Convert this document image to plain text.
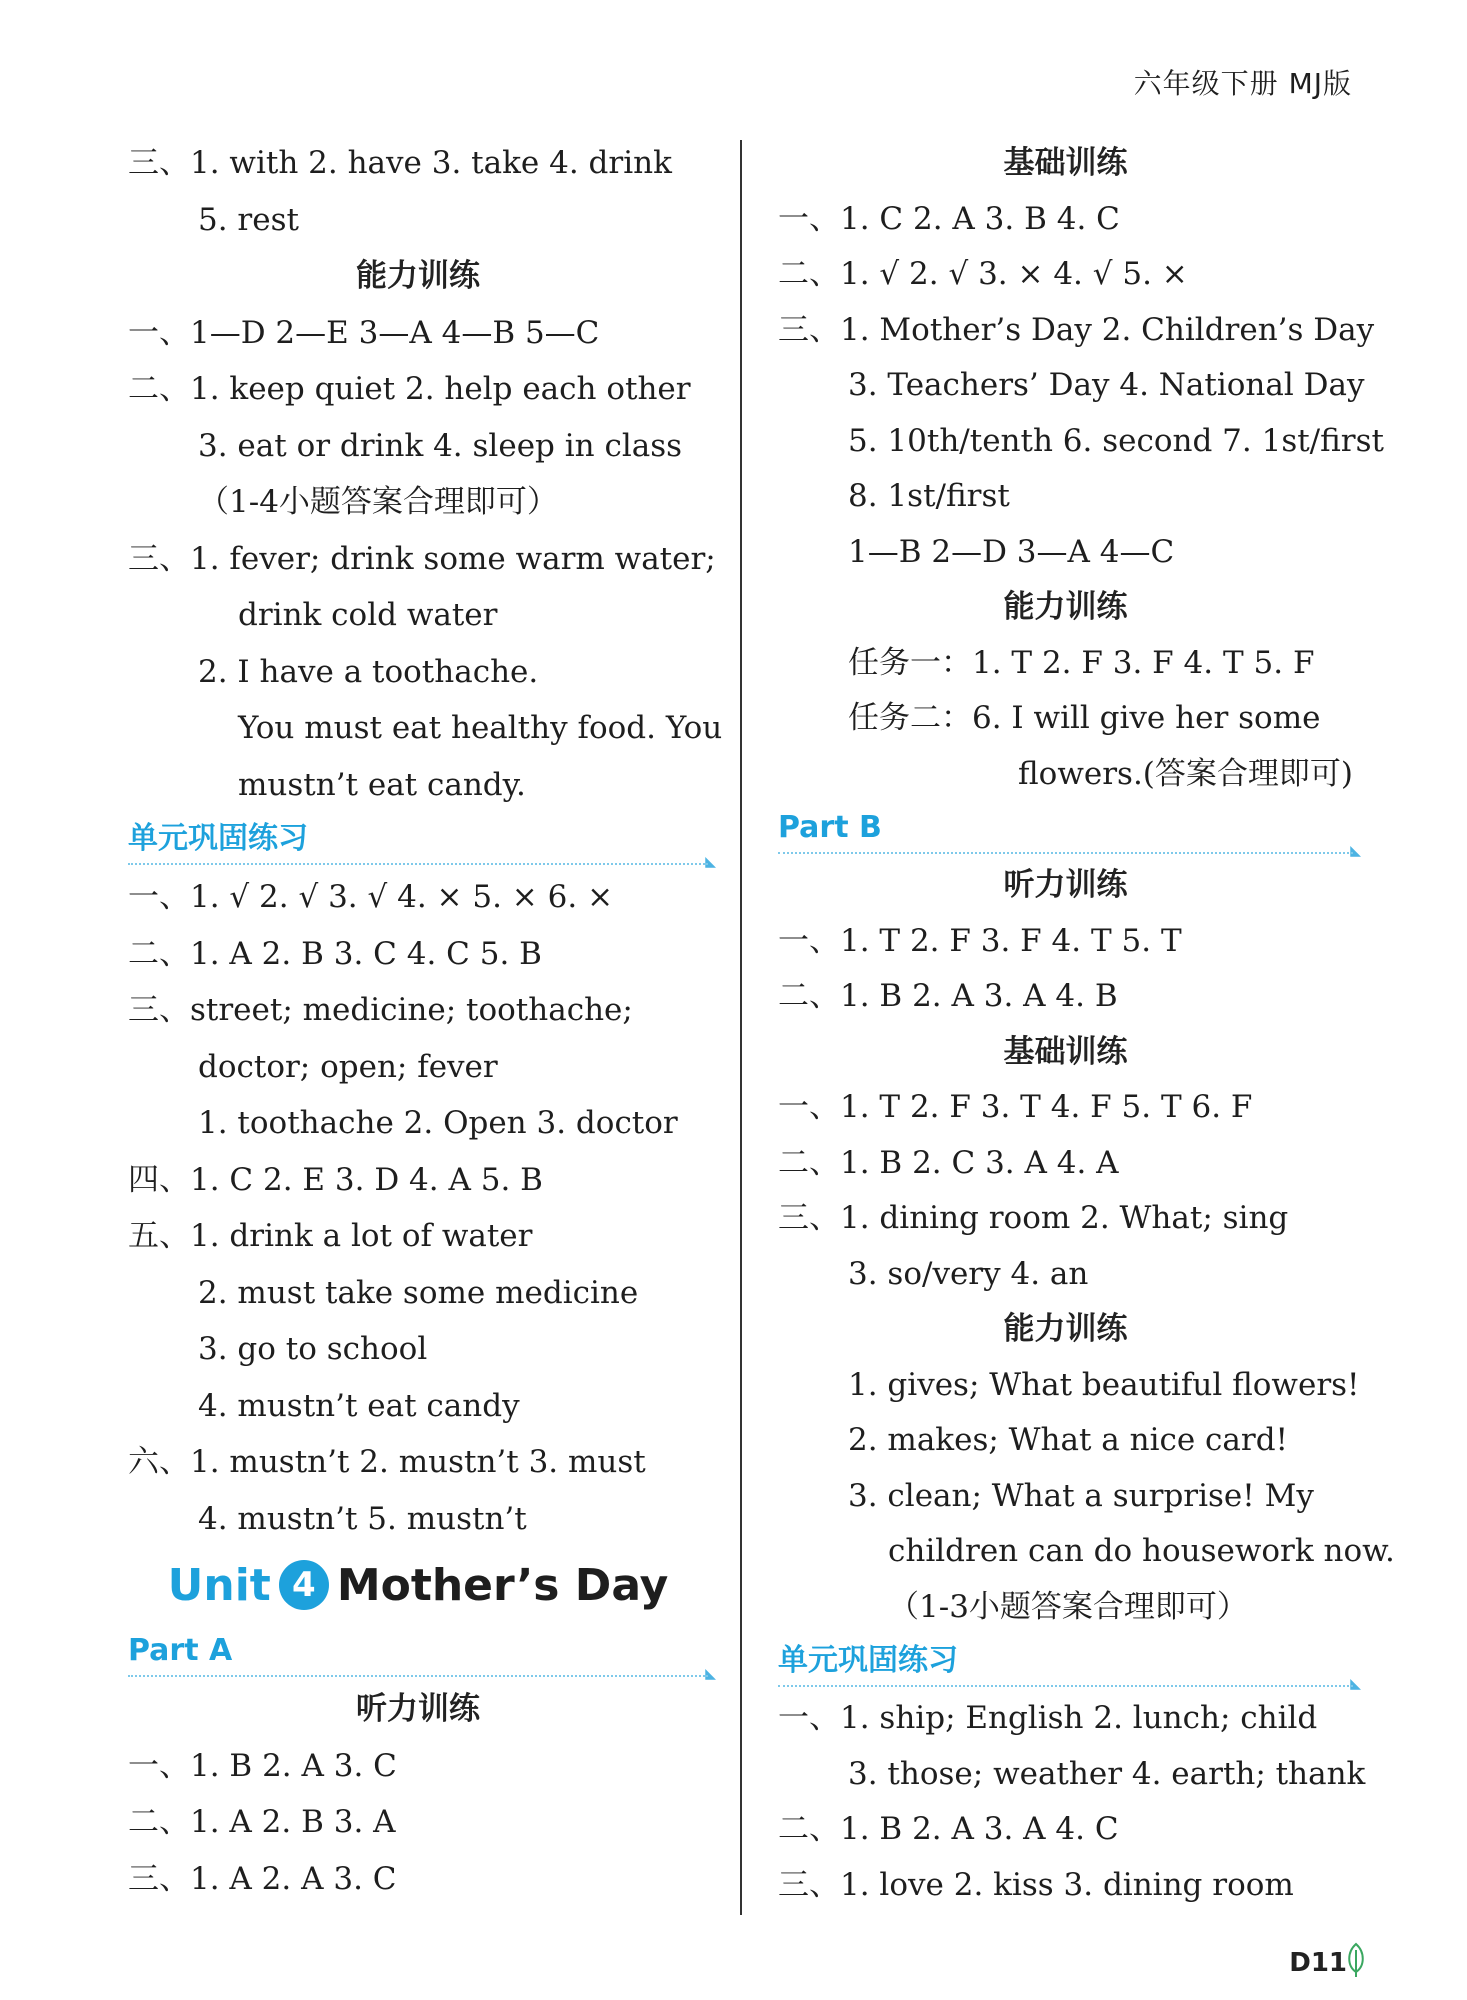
六年级下册 MJ版
三、1. with 2. have 3. take 4. drink
5. rest
能力训练
一、1—D 2—E 3—A 4—B 5—C
二、1. keep quiet 2. help each other
3. eat or drink 4. sleep in class
（1-4小题答案合理即可）
三、1. fever; drink some warm water;
drink cold water
2. I have a toothache.
You must eat healthy food. You
mustn’t eat candy.
单元巩固练习
◣
一、1. √ 2. √ 3. √ 4. × 5. × 6. ×
二、1. A 2. B 3. C 4. C 5. B
三、street; medicine; toothache;
doctor; open; fever
1. toothache 2. Open 3. doctor
四、1. C 2. E 3. D 4. A 5. B
五、1. drink a lot of water
2. must take some medicine
3. go to school
4. mustn’t eat candy
六、1. mustn’t 2. mustn’t 3. must
4. mustn’t 5. mustn’t
Unit 4 Mother’s Day
Part A
◣
听力训练
一、1. B 2. A 3. C
二、1. A 2. B 3. A
三、1. A 2. A 3. C
基础训练
一、1. C 2. A 3. B 4. C
二、1. √ 2. √ 3. × 4. √ 5. ×
三、1. Mother’s Day 2. Children’s Day
3. Teachers’ Day 4. National Day
5. 10th/tenth 6. second 7. 1st/first
8. 1st/first
1—B 2—D 3—A 4—C
能力训练
任务一：1. T 2. F 3. F 4. T 5. F
任务二：6. I will give her some
flowers.(答案合理即可)
Part B
◣
听力训练
一、1. T 2. F 3. F 4. T 5. T
二、1. B 2. A 3. A 4. B
基础训练
一、1. T 2. F 3. T 4. F 5. T 6. F
二、1. B 2. C 3. A 4. A
三、1. dining room 2. What; sing
3. so/very 4. an
能力训练
1. gives; What beautiful flowers!
2. makes; What a nice card!
3. clean; What a surprise! My
children can do housework now.
（1-3小题答案合理即可）
单元巩固练习
◣
一、1. ship; English 2. lunch; child
3. those; weather 4. earth; thank
二、1. B 2. A 3. A 4. C
三、1. love 2. kiss 3. dining room
D11
